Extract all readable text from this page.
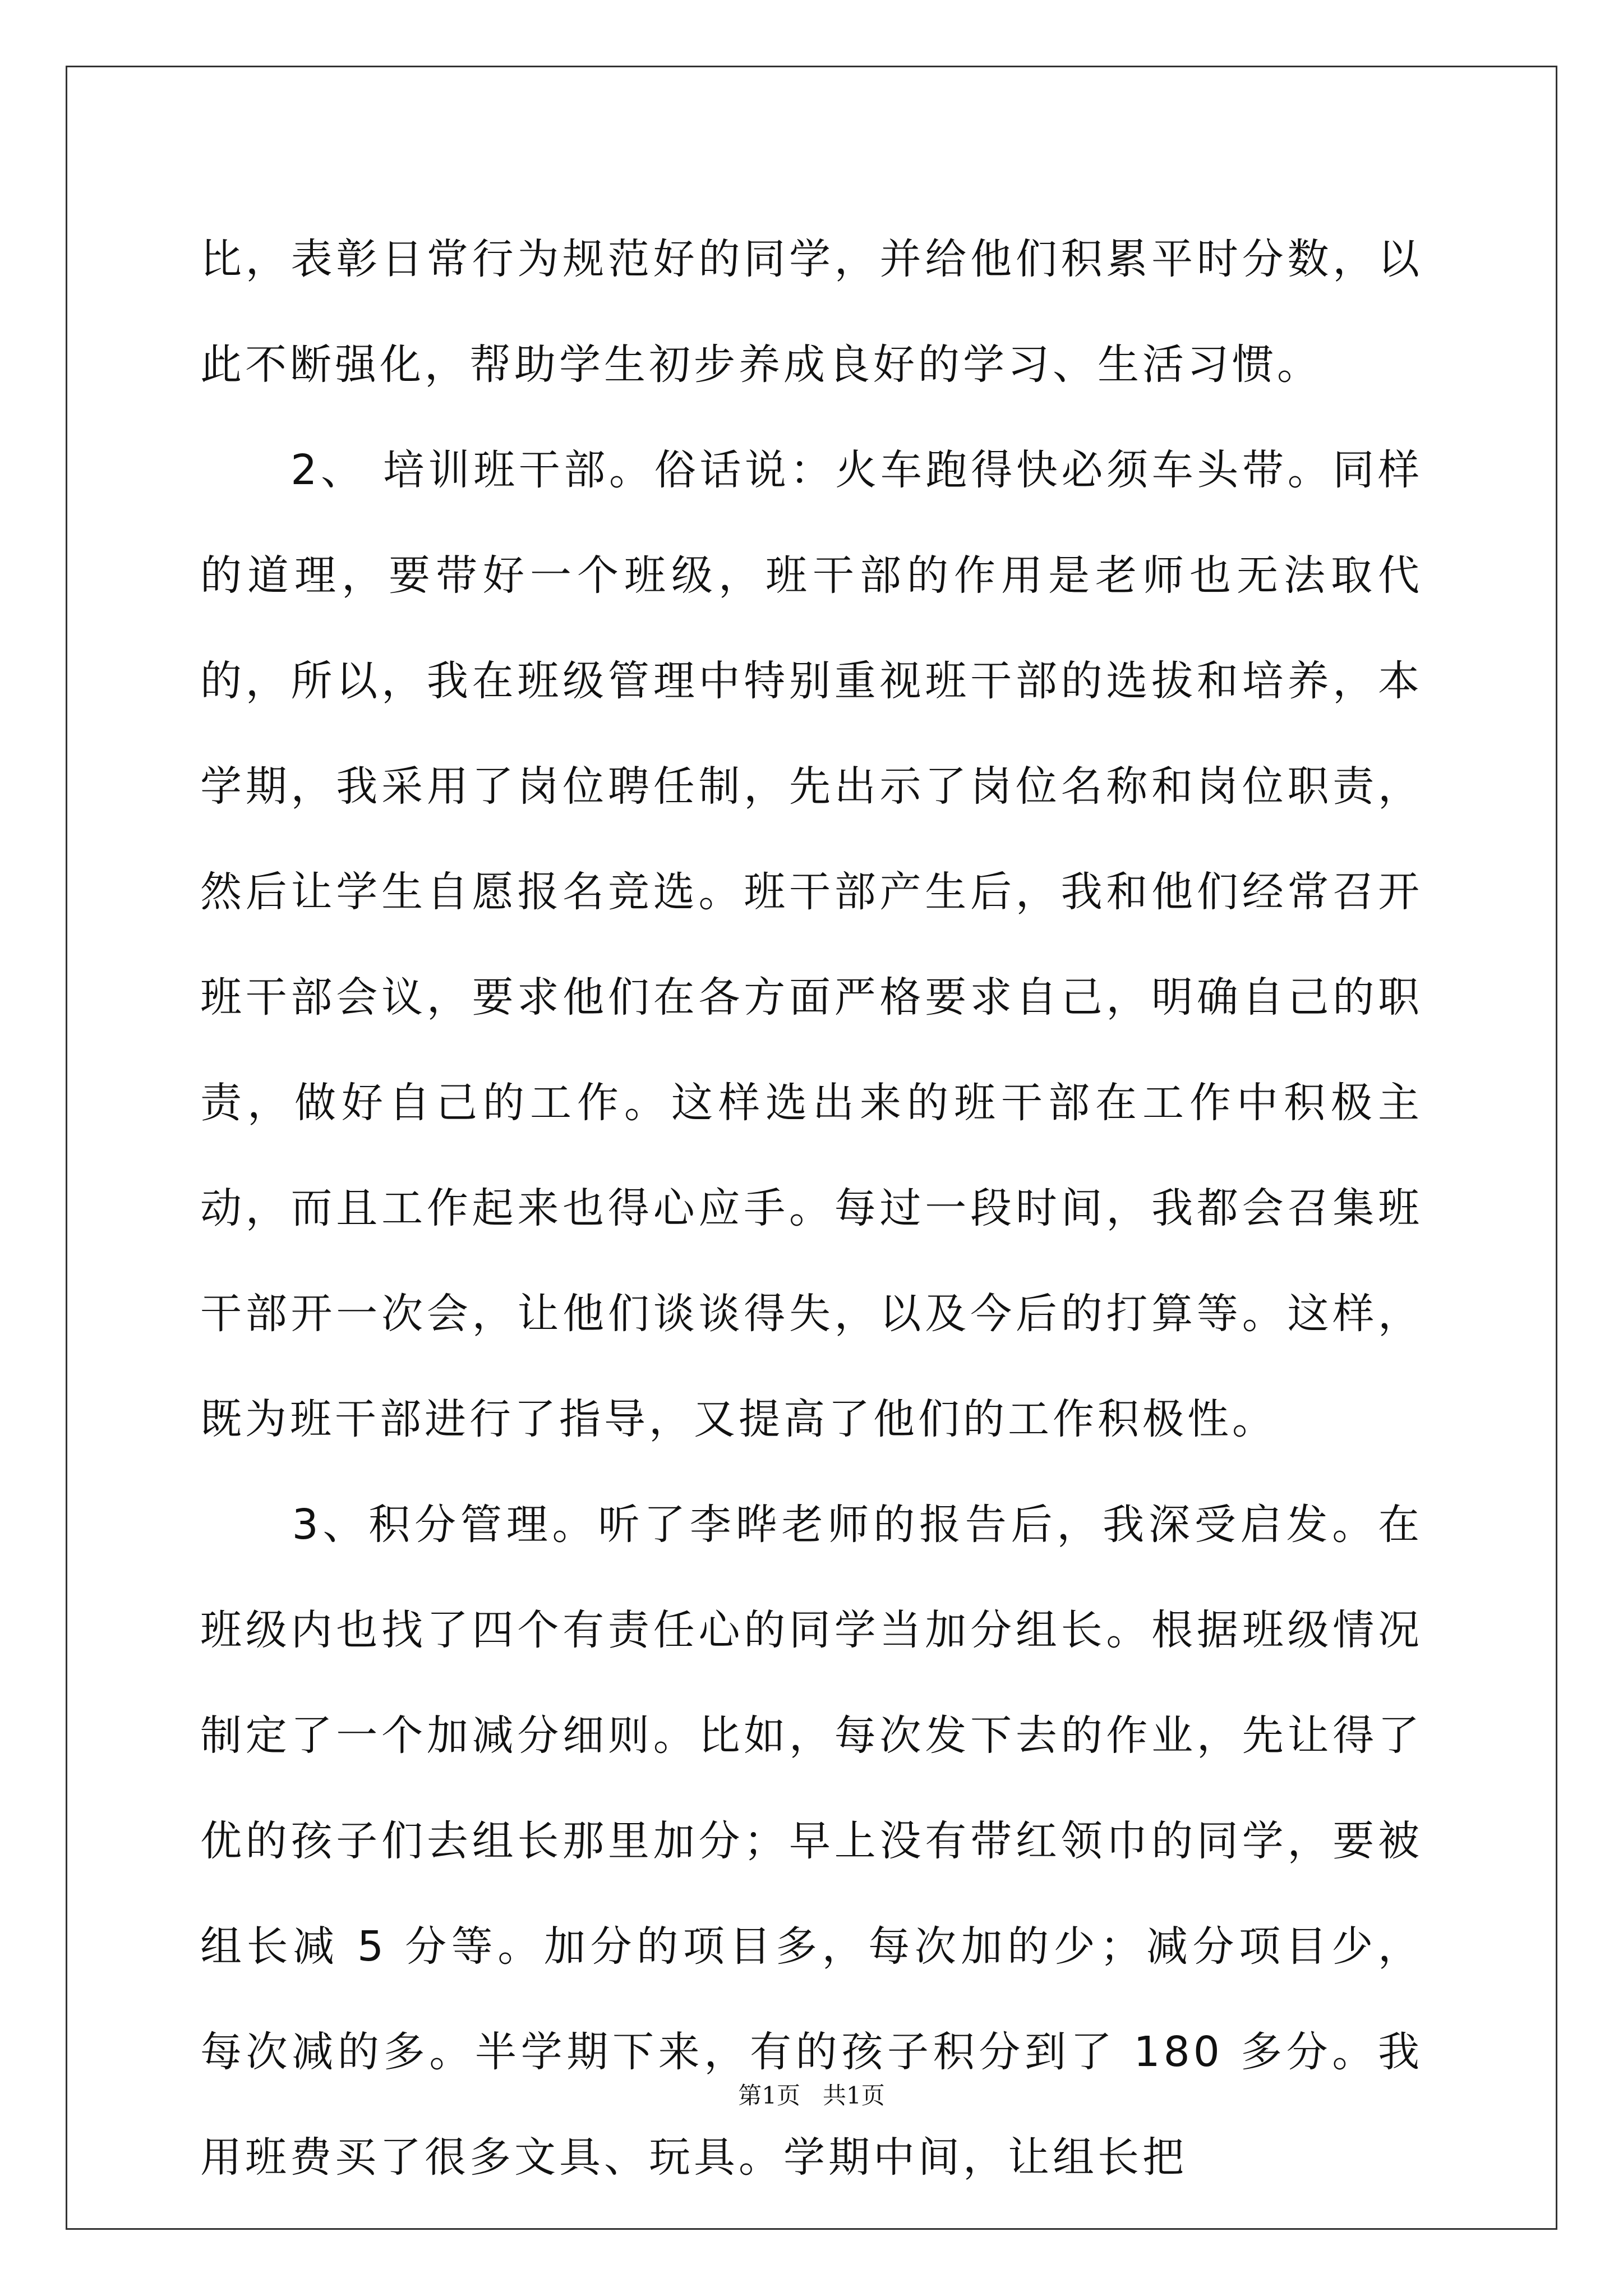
比，表彰日常行为规范好的同学，并给他们积累平时分数，以此不断强化，帮助学生初步养成良好的学习、生活习惯。

　　2、 培训班干部。俗话说：火车跑得快必须车头带。同样的道理，要带好一个班级，班干部的作用是老师也无法取代的，所以，我在班级管理中特别重视班干部的选拔和培养，本学期，我采用了岗位聘任制，先出示了岗位名称和岗位职责，然后让学生自愿报名竞选。班干部产生后，我和他们经常召开班干部会议，要求他们在各方面严格要求自己，明确自己的职责，做好自己的工作。这样选出来的班干部在工作中积极主动，而且工作起来也得心应手。每过一段时间，我都会召集班干部开一次会，让他们谈谈得失，以及今后的打算等。这样，既为班干部进行了指导，又提高了他们的工作积极性。

　　3、积分管理。听了李晔老师的报告后，我深受启发。在班级内也找了四个有责任心的同学当加分组长。根据班级情况制定了一个加减分细则。比如，每次发下去的作业，先让得了优的孩子们去组长那里加分；早上没有带红领巾的同学，要被组长减 5 分等。加分的项目多，每次加的少；减分项目少，每次减的多。半学期下来，有的孩子积分到了 180 多分。我用班费买了很多文具、玩具。学期中间，让组长把

第1页 共1页
